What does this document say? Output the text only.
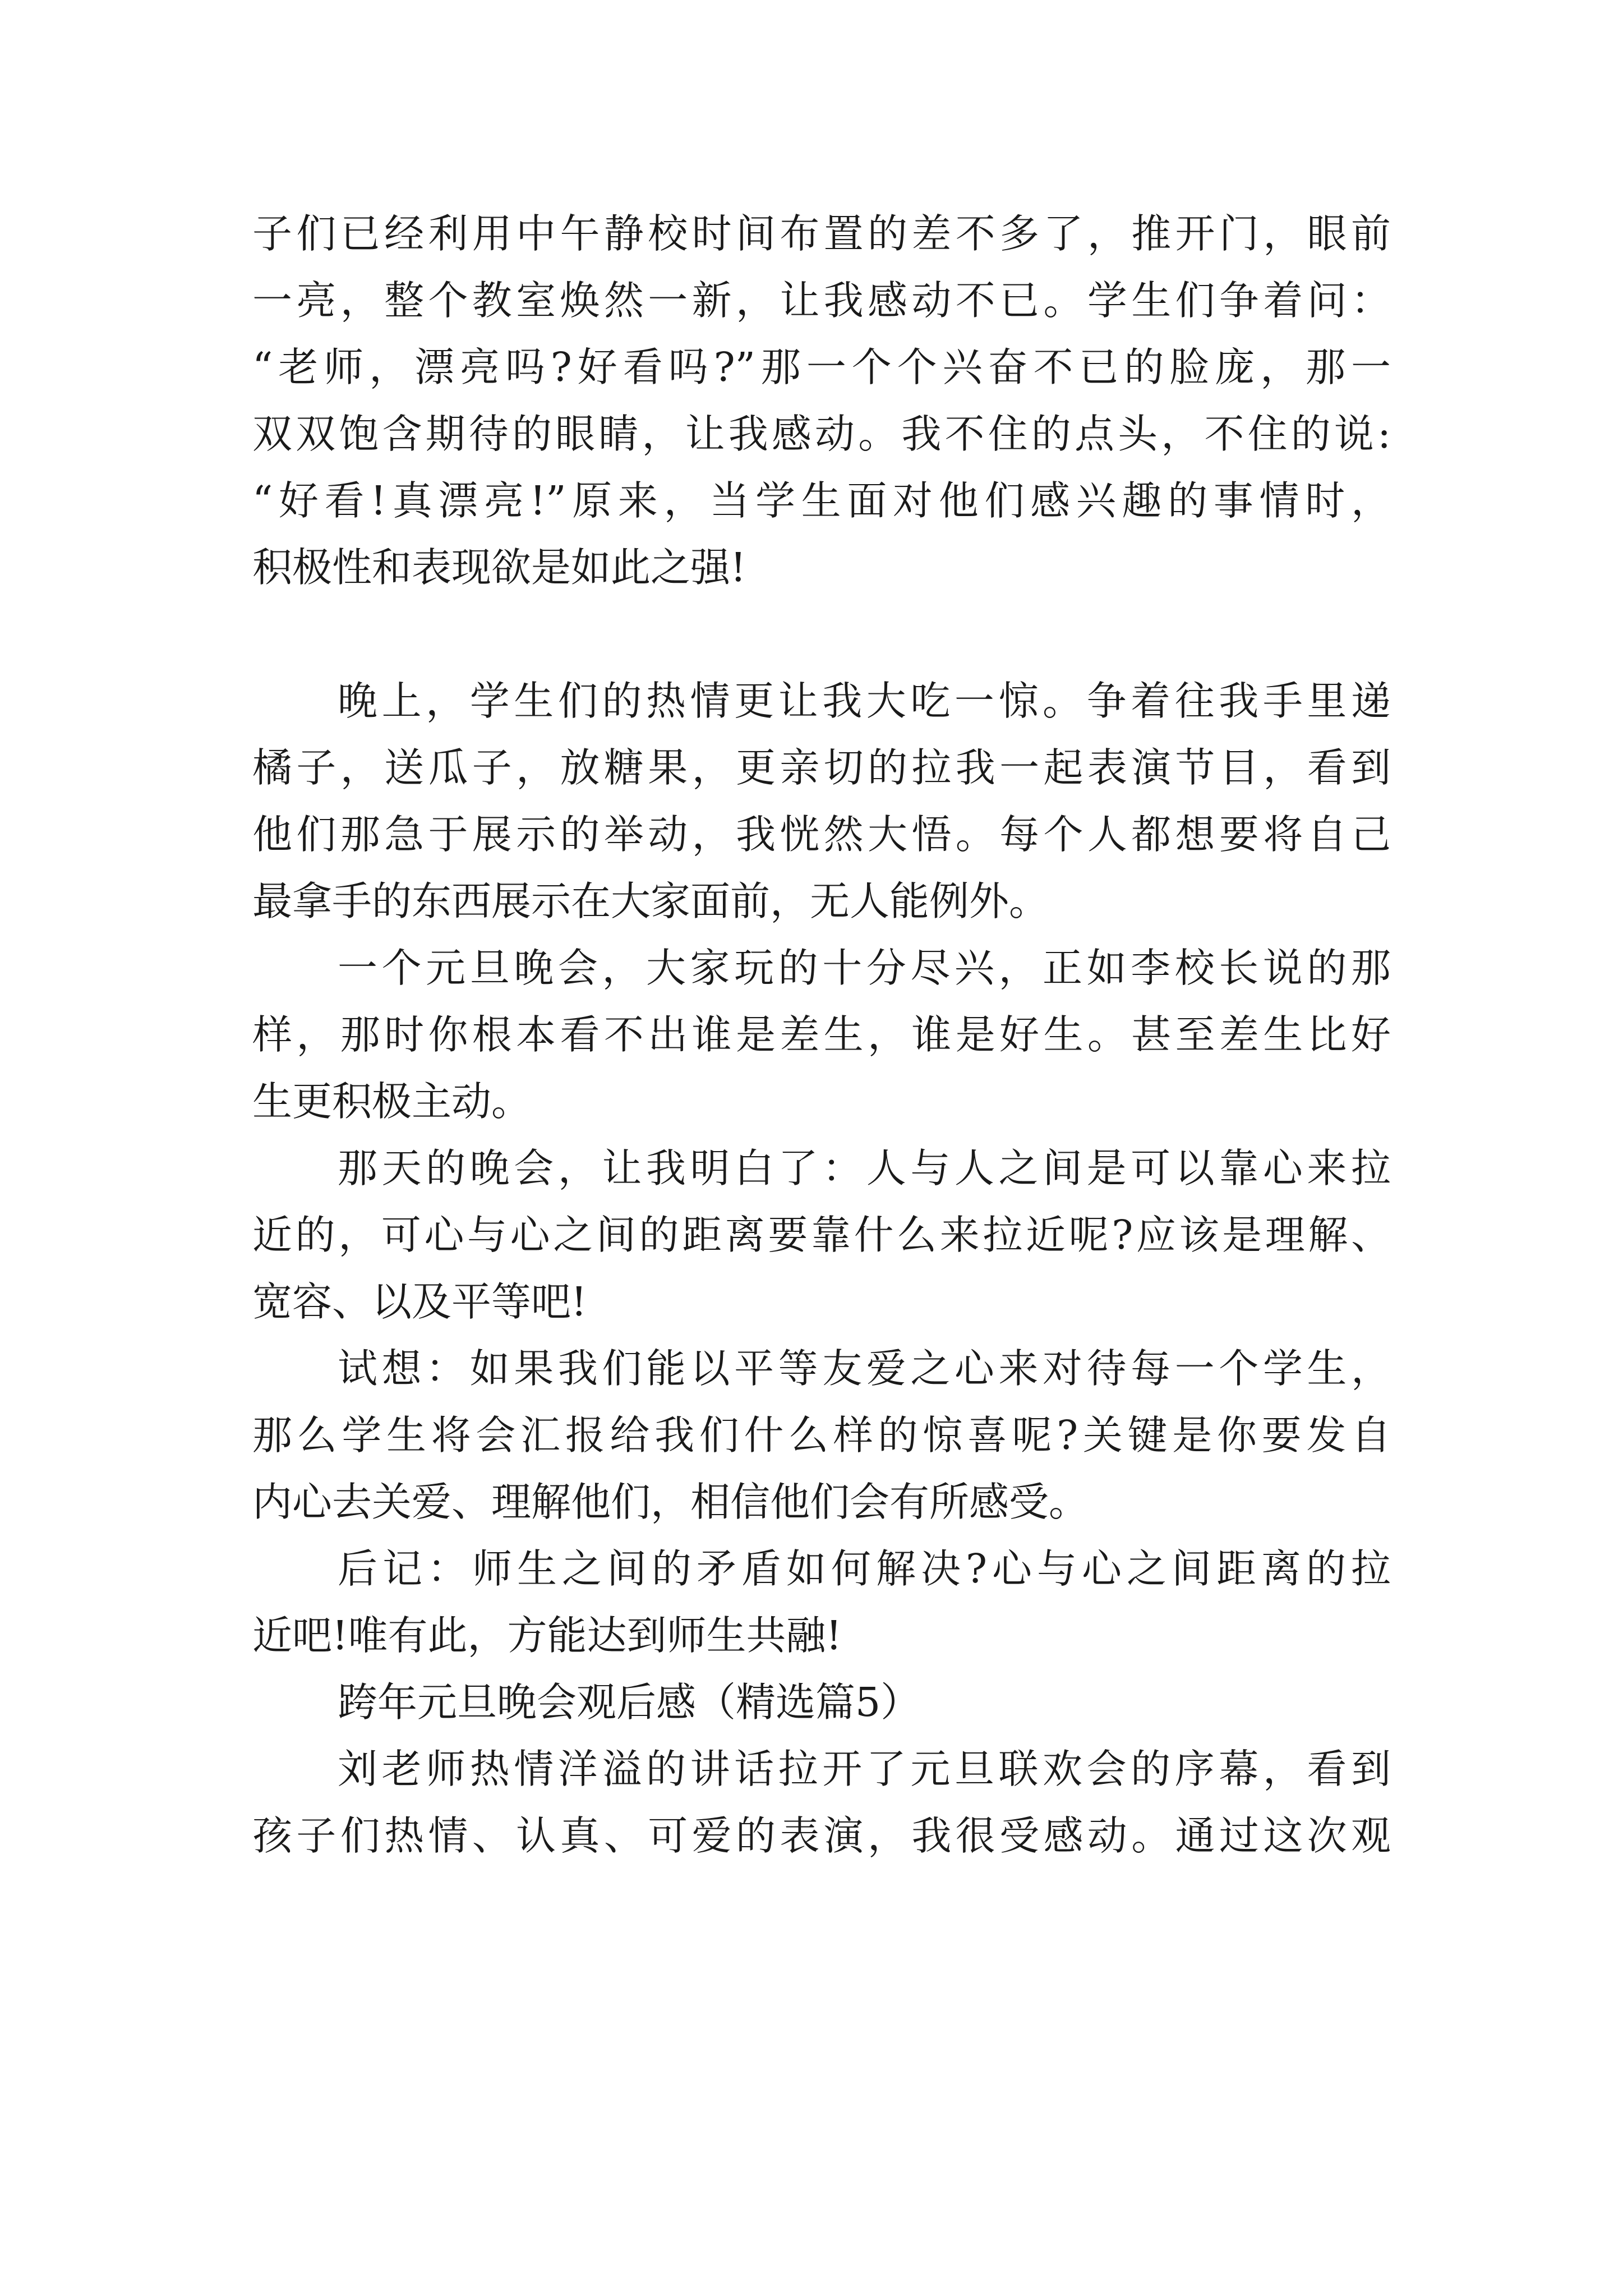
子们已经利用中午静校时间布置的差不多了，推开门，眼前
一亮，整个教室焕然一新，让我感动不已。学生们争着问：
“老师，漂亮吗?好看吗?”那一个个兴奋不已的脸庞，那一
双双饱含期待的眼睛，让我感动。我不住的点头，不住的说:
“好看!真漂亮!”原来，当学生面对他们感兴趣的事情时，
积极性和表现欲是如此之强!
晚上，学生们的热情更让我大吃一惊。争着往我手里递
橘子，送瓜子，放糖果，更亲切的拉我一起表演节目，看到
他们那急于展示的举动，我恍然大悟。每个人都想要将自己
最拿手的东西展示在大家面前，无人能例外。
一个元旦晚会，大家玩的十分尽兴，正如李校长说的那
样，那时你根本看不出谁是差生，谁是好生。甚至差生比好
生更积极主动。
那天的晚会，让我明白了：人与人之间是可以靠心来拉
近的，可心与心之间的距离要靠什么来拉近呢?应该是理解、
宽容、以及平等吧!
试想：如果我们能以平等友爱之心来对待每一个学生，
那么学生将会汇报给我们什么样的惊喜呢?关键是你要发自
内心去关爱、理解他们，相信他们会有所感受。
后记：师生之间的矛盾如何解决?心与心之间距离的拉
近吧!唯有此，方能达到师生共融!
跨年元旦晚会观后感（精选篇5）
刘老师热情洋溢的讲话拉开了元旦联欢会的序幕，看到
孩子们热情、认真、可爱的表演，我很受感动。通过这次观
